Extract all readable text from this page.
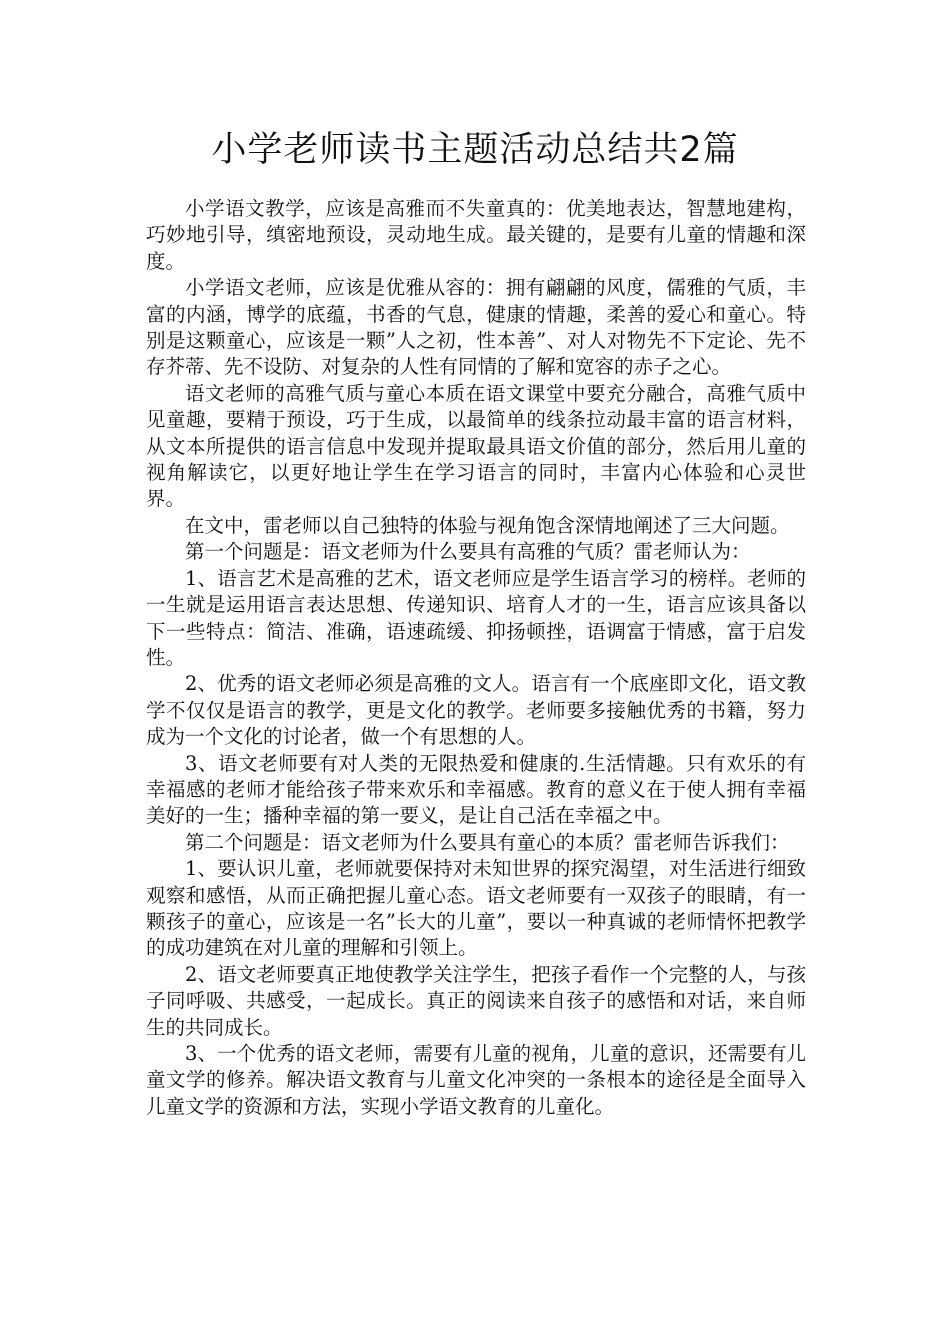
小学老师读书主题活动总结共2篇

小学语文教学，应该是高雅而不失童真的：优美地表达，智慧地建构，巧妙地引导，缜密地预设，灵动地生成。最关键的，是要有儿童的情趣和深度。

小学语文老师，应该是优雅从容的：拥有翩翩的风度，儒雅的气质，丰富的内涵，博学的底蕴，书香的气息，健康的情趣，柔善的爱心和童心。特别是这颗童心，应该是一颗”人之初，性本善”、对人对物先不下定论、先不存芥蒂、先不设防、对复杂的人性有同情的了解和宽容的赤子之心。

语文老师的高雅气质与童心本质在语文课堂中要充分融合，高雅气质中见童趣，要精于预设，巧于生成，以最简单的线条拉动最丰富的语言材料，从文本所提供的语言信息中发现并提取最具语文价值的部分，然后用儿童的视角解读它，以更好地让学生在学习语言的同时，丰富内心体验和心灵世界。

在文中，雷老师以自己独特的体验与视角饱含深情地阐述了三大问题。

第一个问题是：语文老师为什么要具有高雅的气质？雷老师认为：

1、语言艺术是高雅的艺术，语文老师应是学生语言学习的榜样。老师的一生就是运用语言表达思想、传递知识、培育人才的一生，语言应该具备以下一些特点：简洁、准确，语速疏缓、抑扬顿挫，语调富于情感，富于启发性。

2、优秀的语文老师必须是高雅的文人。语言有一个底座即文化，语文教学不仅仅是语言的教学，更是文化的教学。老师要多接触优秀的书籍，努力成为一个文化的讨论者，做一个有思想的人。

3、语文老师要有对人类的无限热爱和健康的.生活情趣。只有欢乐的有幸福感的老师才能给孩子带来欢乐和幸福感。教育的意义在于使人拥有幸福美好的一生；播种幸福的第一要义，是让自己活在幸福之中。

第二个问题是：语文老师为什么要具有童心的本质？雷老师告诉我们：

1、要认识儿童，老师就要保持对未知世界的探究渴望，对生活进行细致观察和感悟，从而正确把握儿童心态。语文老师要有一双孩子的眼睛，有一颗孩子的童心，应该是一名”长大的儿童”，要以一种真诚的老师情怀把教学的成功建筑在对儿童的理解和引领上。

2、语文老师要真正地使教学关注学生，把孩子看作一个完整的人，与孩子同呼吸、共感受，一起成长。真正的阅读来自孩子的感悟和对话，来自师生的共同成长。

3、一个优秀的语文老师，需要有儿童的视角，儿童的意识，还需要有儿童文学的修养。解决语文教育与儿童文化冲突的一条根本的途径是全面导入儿童文学的资源和方法，实现小学语文教育的儿童化。
